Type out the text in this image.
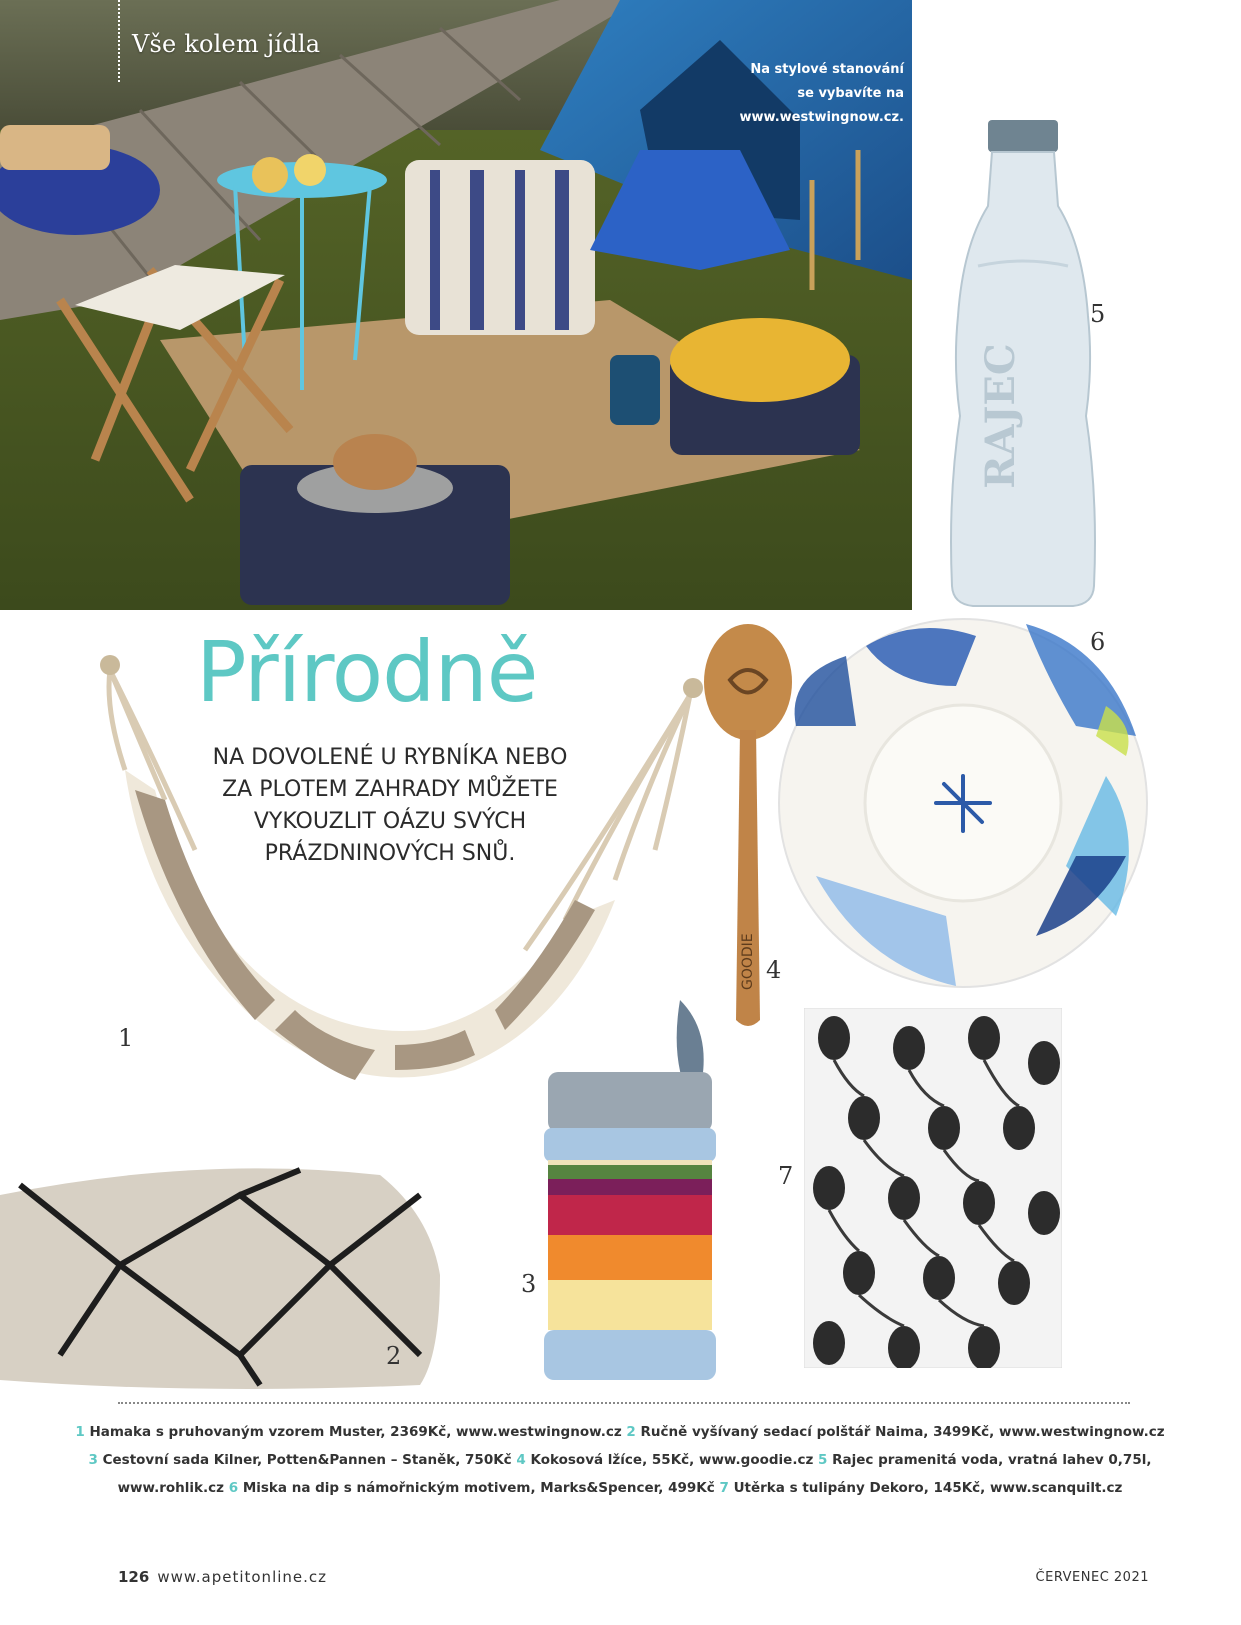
Vše kolem jídla
Na stylové stanování
se vybavíte na
www.westwingnow.cz.
RAJEC
5
Přírodně
NA DOVOLENÉ U RYBNÍKA NEBO
ZA PLOTEM ZAHRADY MŮŽETE
VYKOUZLIT OÁZU SVÝCH
PRÁZDNINOVÝCH SNŮ.
GOODIE 4
6
1
2
3
7
1 Hamaka s pruhovaným vzorem Muster, 2369Kč, www.westwingnow.cz 2 Ručně vyšívaný sedací polštář Naima, 3499Kč, www.westwingnow.cz
3 Cestovní sada Kilner, Potten&Pannen – Staněk, 750Kč 4 Kokosová lžíce, 55Kč, www.goodie.cz 5 Rajec pramenitá voda, vratná lahev 0,75l,
www.rohlik.cz 6 Miska na dip s námořnickým motivem, Marks&Spencer, 499Kč 7 Utěrka s tulipány Dekoro, 145Kč, www.scanquilt.cz
126 www.apetitonline.cz	ČERVENEC 2021
